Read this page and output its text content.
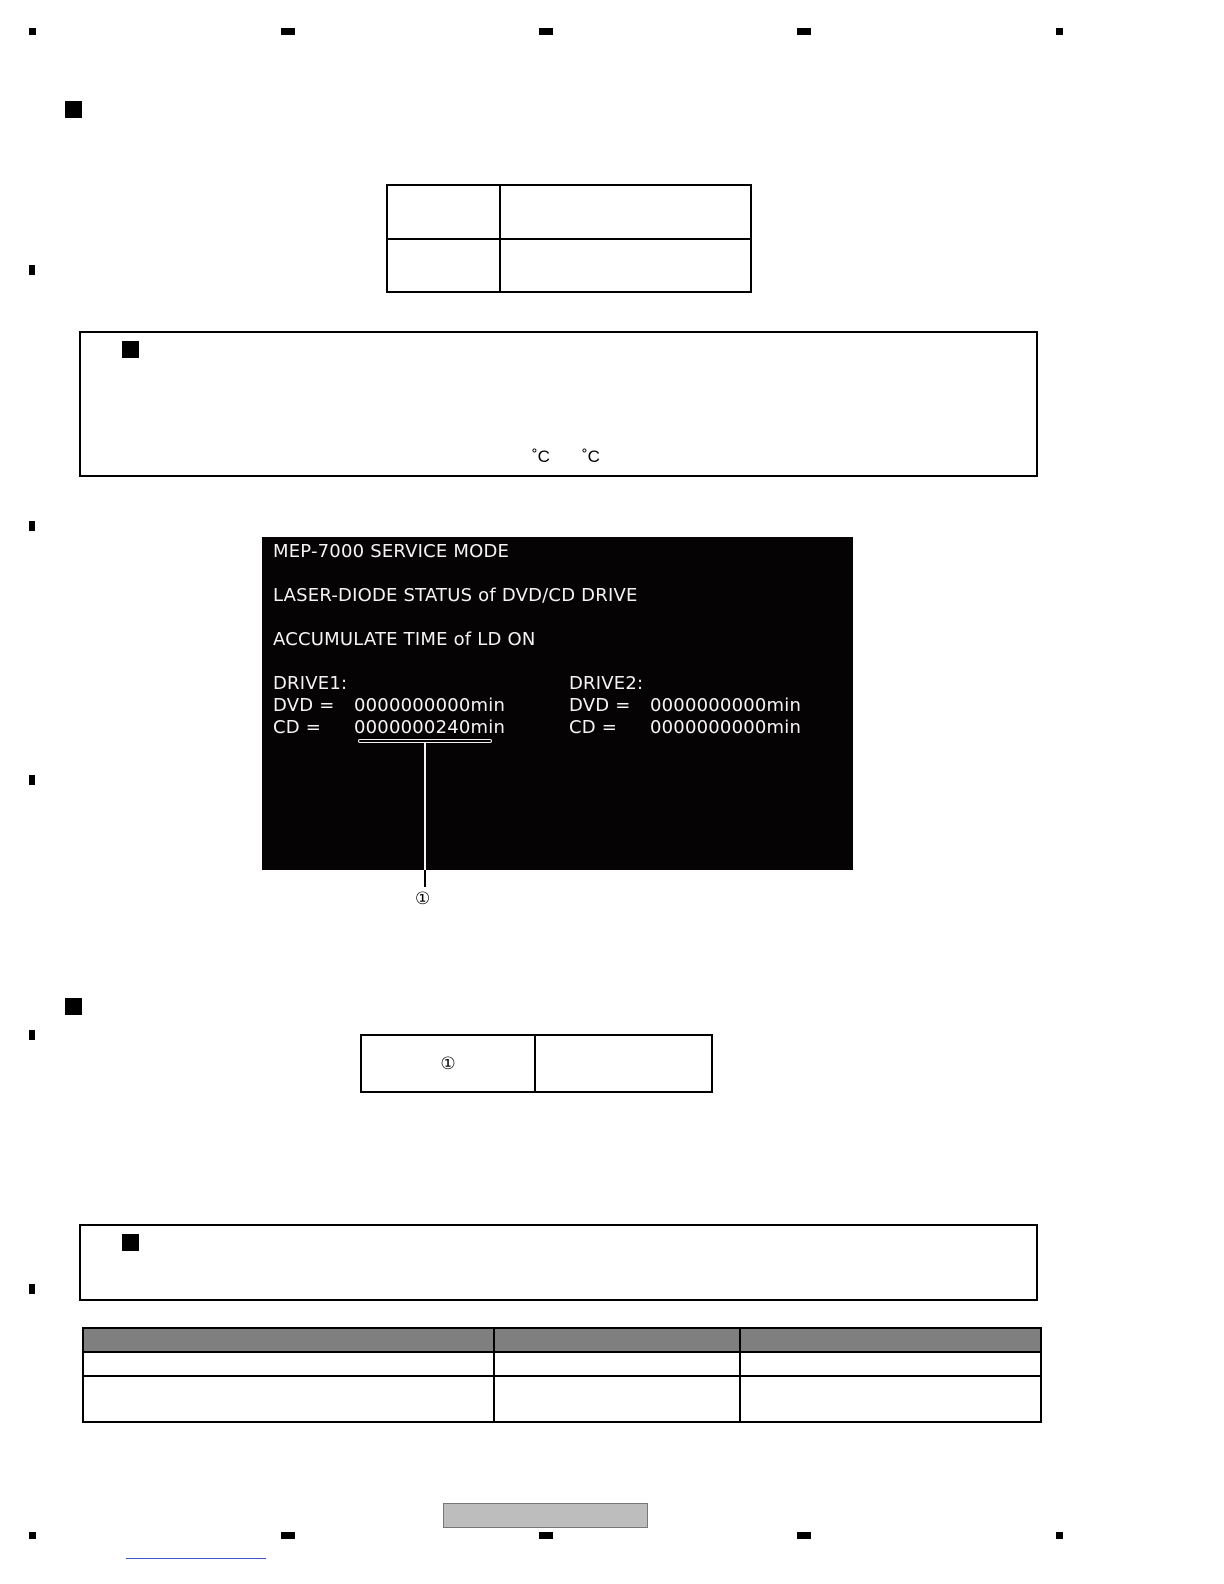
˚C ˚C
MEP-7000 SERVICE MODE
LASER-DIODE STATUS of DVD/CD DRIVE
ACCUMULATE TIME of LD ON
DRIVE1:
DVD = 0000000000min
CD = 0000000240min
DRIVE2:
DVD = 0000000000min
CD = 0000000000min
①
①
